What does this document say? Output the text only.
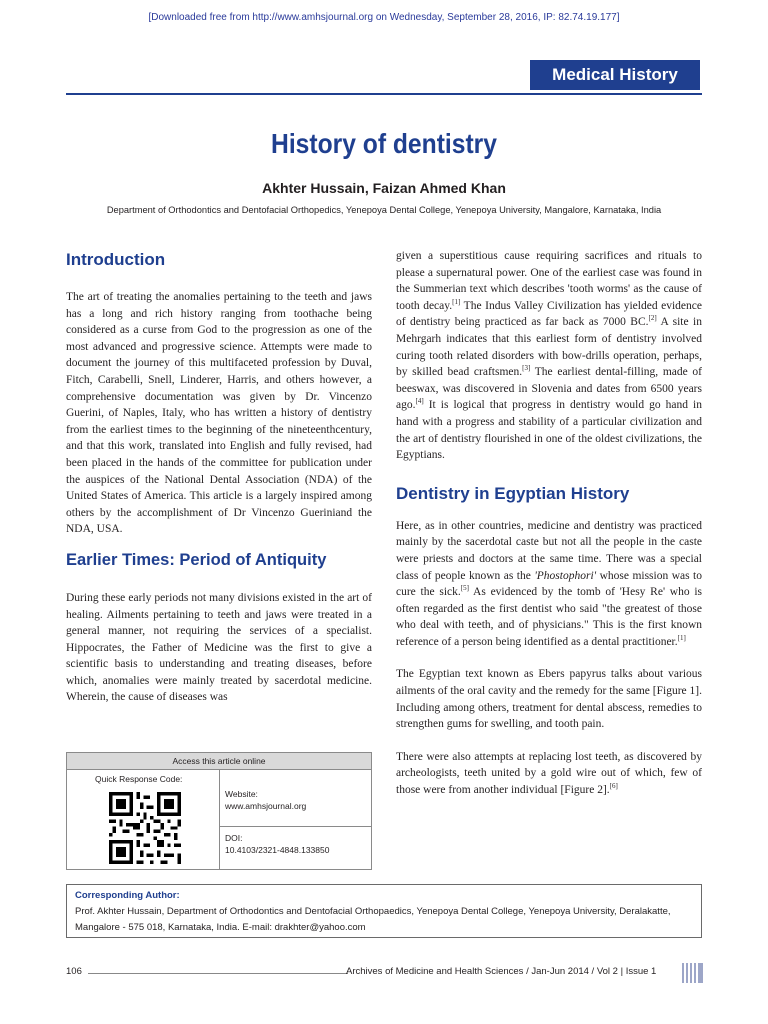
[Downloaded free from http://www.amhsjournal.org on Wednesday, September 28, 2016, IP: 82.74.19.177]
Medical History
History of dentistry
Akhter Hussain, Faizan Ahmed Khan
Department of Orthodontics and Dentofacial Orthopedics, Yenepoya Dental College, Yenepoya University, Mangalore, Karnataka, India
Introduction

The art of treating the anomalies pertaining to the teeth and jaws has a long and rich history ranging from toothache being considered as a curse from God to the progression as one of the most advanced and progressive science. Attempts were made to document the journey of this multifaceted profession by Duval, Fitch, Carabelli, Snell, Linderer, Harris, and others however, a comprehensive documentation was given by Dr. Vincenzo Guerini, of Naples, Italy, who has written a history of dentistry from the earliest times to the beginning of the nineteenthcentury, and that this work, translated into English and fully revised, had been placed in the hands of the committee for publication under the auspices of the National Dental Association (NDA) of the United States of America. This article is a largely inspired among others by the accomplishment of Dr Vincenzo Gueriniand the NDA, USA.

Earlier Times: Period of Antiquity

During these early periods not many divisions existed in the art of healing. Ailments pertaining to teeth and jaws were treated in a general manner, not requiring the services of a specialist. Hippocrates, the Father of Medicine was the first to give a scientific basis to understanding and treating diseases, before which, anomalies were mainly treated by sacerdotal medicine. Wherein, the cause of diseases was

given a superstitious cause requiring sacrifices and rituals to please a supernatural power. One of the earliest case was found in the Summerian text which describes 'tooth worms' as the cause of tooth decay.[1] The Indus Valley Civilization has yielded evidence of dentistry being practiced as far back as 7000 BC.[2] A site in Mehrgarh indicates that this earliest form of dentistry involved curing tooth related disorders with bow-drills operation, perhaps, by skilled bead craftsmen.[3] The earliest dental-filling, made of beeswax, was discovered in Slovenia and dates from 6500 years ago.[4] It is logical that progress in dentistry would go hand in hand with a progress and stability of a particular civilization and the art of dentistry flourished in one of the oldest civilizations, the Egyptians.

Dentistry in Egyptian History

Here, as in other countries, medicine and dentistry was practiced mainly by the sacerdotal caste but not all the people in the caste were priests and doctors at the same time. There was a special class of people known as the 'Phostophori' whose mission was to cure the sick.[5] As evidenced by the tomb of 'Hesy Re' who is often regarded as the first dentist who said "the greatest of those who deal with teeth, and of physicians." This is the first known reference of a person being identified as a dental practitioner.[1]

The Egyptian text known as Ebers papyrus talks about various ailments of the oral cavity and the remedy for the same [Figure 1]. Including among others, treatment for dental abscess, remedies to strengthen gums for swelling, and tooth pain.

There were also attempts at replacing lost teeth, as discovered by archeologists, teeth united by a gold wire out of which, few of those were from another individual [Figure 2].[6]

Access this article online
Quick Response Code:
Website:
www.amhsjournal.org
DOI:
10.4103/2321-4848.133850
Corresponding Author:
Prof. Akhter Hussain, Department of Orthodontics and Dentofacial Orthopaedics, Yenepoya Dental College, Yenepoya University, Deralakatte, Mangalore - 575 018, Karnataka, India. E-mail: drakhter@yahoo.com
106	Archives of Medicine and Health Sciences / Jan-Jun 2014 / Vol 2 | Issue 1
